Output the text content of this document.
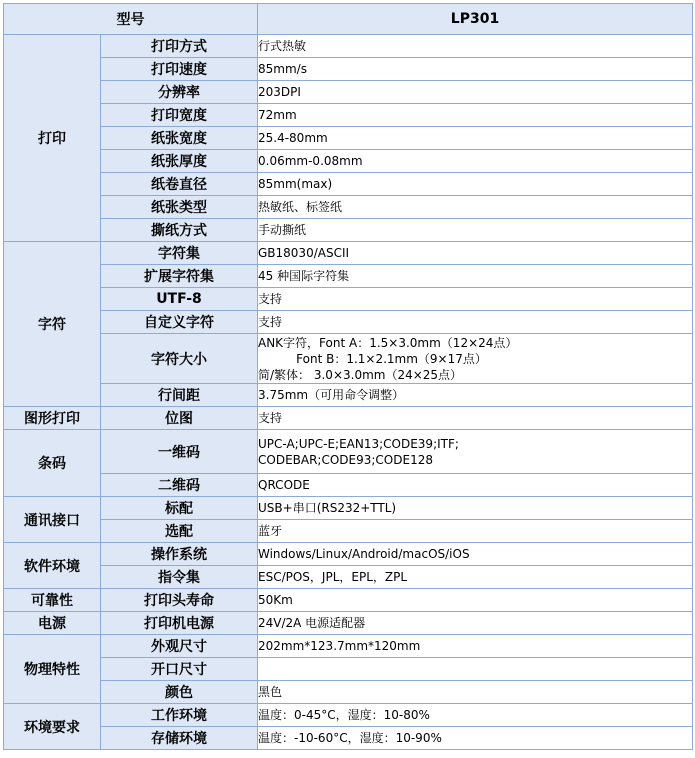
型号		LP301
打印	打印方式	行式热敏

	打印速度	85mm/s

	分辨率	203DPI

	打印宽度	72mm

	纸张宽度	25.4-80mm

	纸张厚度	0.06mm-0.08mm

	纸卷直径	85mm(max)

	纸张类型	热敏纸、标签纸

	撕纸方式	手动撕纸

字符	字符集	GB18030/ASCII

	扩展字符集	45 种国际字符集

	UTF-8	支持

	自定义字符	支持

	字符大小	ANK字符，Font A：1.5×3.0mm（12×24点）
Font B：1.1×2.1mm（9×17点）
简/繁体： 3.0×3.0mm（24×25点）

	行间距	3.75mm（可用命令调整）

图形打印	位图	支持

条码	一维码	UPC-A;UPC-E;EAN13;CODE39;ITF;
CODEBAR;CODE93;CODE128

	二维码	QRCODE

通讯接口	标配	USB+串口(RS232+TTL)

	选配	蓝牙

软件环境	操作系统	Windows/Linux/Android/macOS/iOS

	指令集	ESC/POS，JPL，EPL，ZPL

可靠性	打印头寿命	50Km

电源	打印机电源	24V/2A 电源适配器

物理特性	外观尺寸	202mm*123.7mm*120mm

	开口尺寸	
	颜色	黑色

环境要求	工作环境	温度：0-45°C，湿度：10-80%

	存储环境	温度：-10-60°C，湿度：10-90%
